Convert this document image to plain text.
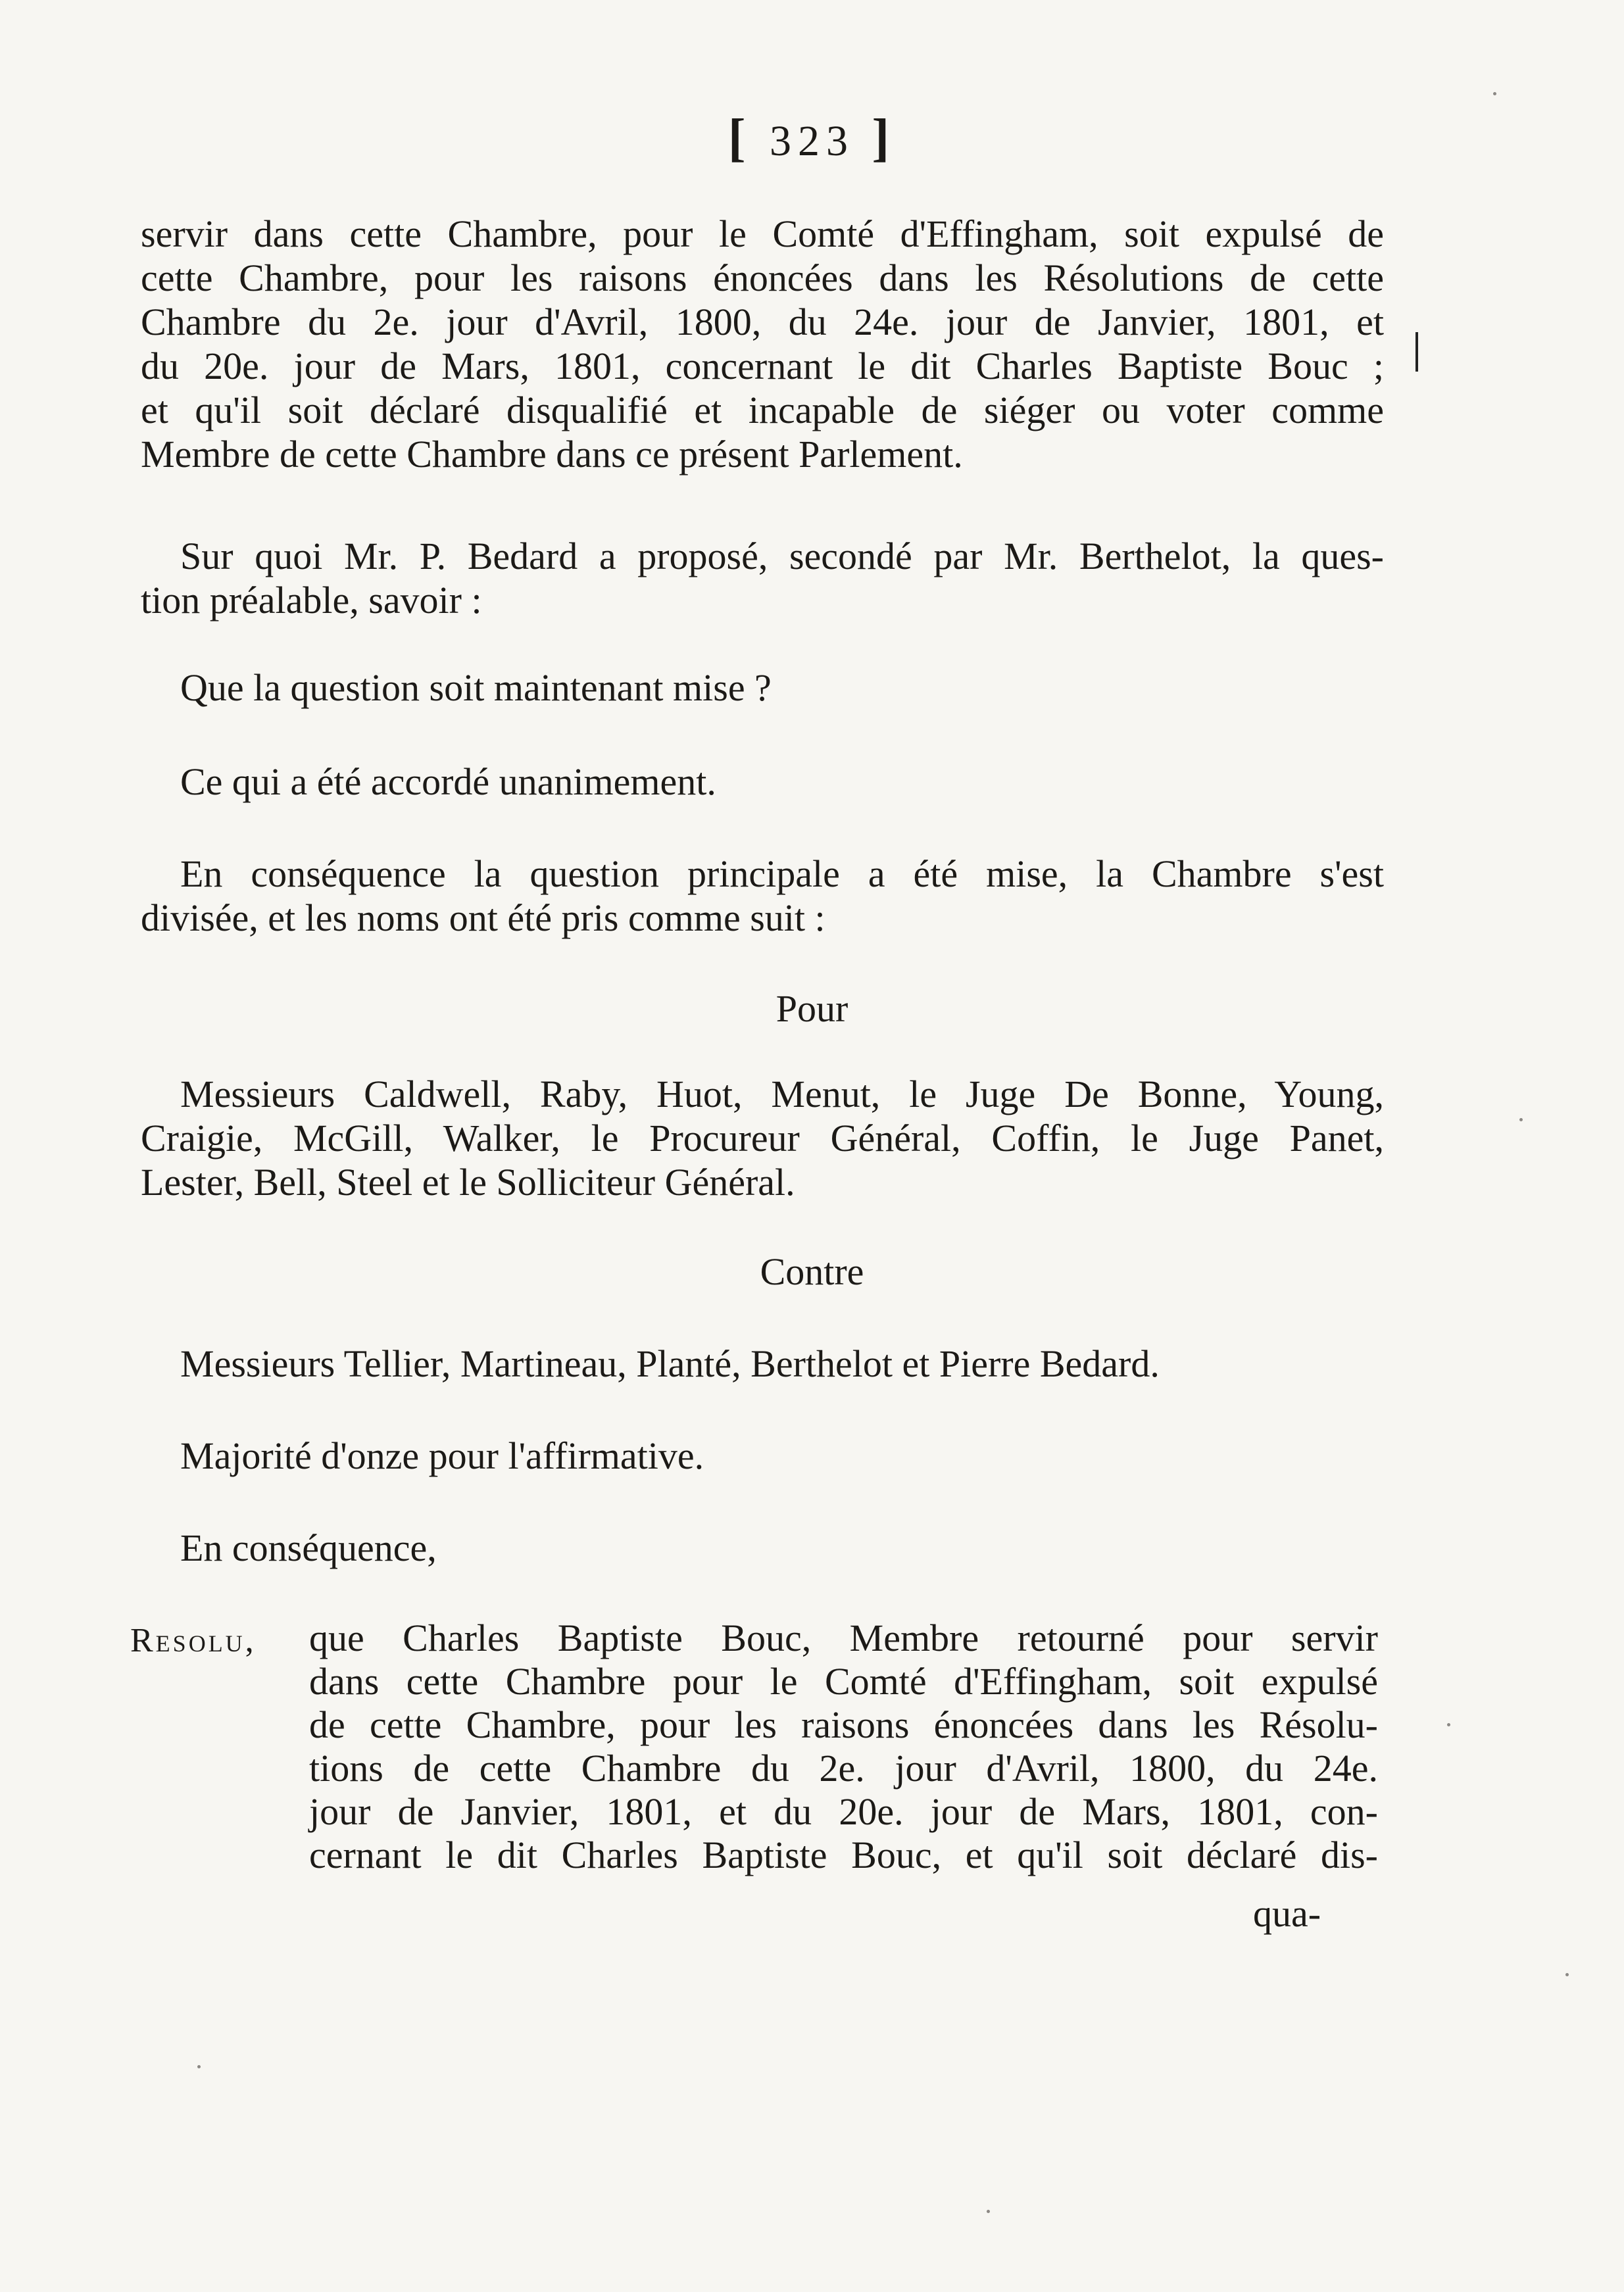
[ 323 ]
servir dans cette Chambre, pour le Comté d'Effingham, soit expulsé de
cette Chambre, pour les raisons énoncées dans les Résolutions de cette
Chambre du 2e. jour d'Avril, 1800, du 24e. jour de Janvier, 1801, et
du 20e. jour de Mars, 1801, concernant le dit Charles Baptiste Bouc ;
et qu'il soit déclaré disqualifié et incapable de siéger ou voter comme
Membre de cette Chambre dans ce présent Parlement.
Sur quoi Mr. P. Bedard a proposé, secondé par Mr. Berthelot, la ques-
tion préalable, savoir :
Que la question soit maintenant mise ?
Ce qui a été accordé unanimement.
En conséquence la question principale a été mise, la Chambre s'est
divisée, et les noms ont été pris comme suit :
Pour
Messieurs Caldwell, Raby, Huot, Menut, le Juge De Bonne, Young,
Craigie, McGill, Walker, le Procureur Général, Coffin, le Juge Panet,
Lester, Bell, Steel et le Solliciteur Général.
Contre
Messieurs Tellier, Martineau, Planté, Berthelot et Pierre Bedard.
Majorité d'onze pour l'affirmative.
En conséquence,
Resolu, que Charles Baptiste Bouc, Membre retourné pour servir
dans cette Chambre pour le Comté d'Effingham, soit expulsé
de cette Chambre, pour les raisons énoncées dans les Résolu-
tions de cette Chambre du 2e. jour d'Avril, 1800, du 24e.
jour de Janvier, 1801, et du 20e. jour de Mars, 1801, con-
cernant le dit Charles Baptiste Bouc, et qu'il soit déclaré dis-
qua-
